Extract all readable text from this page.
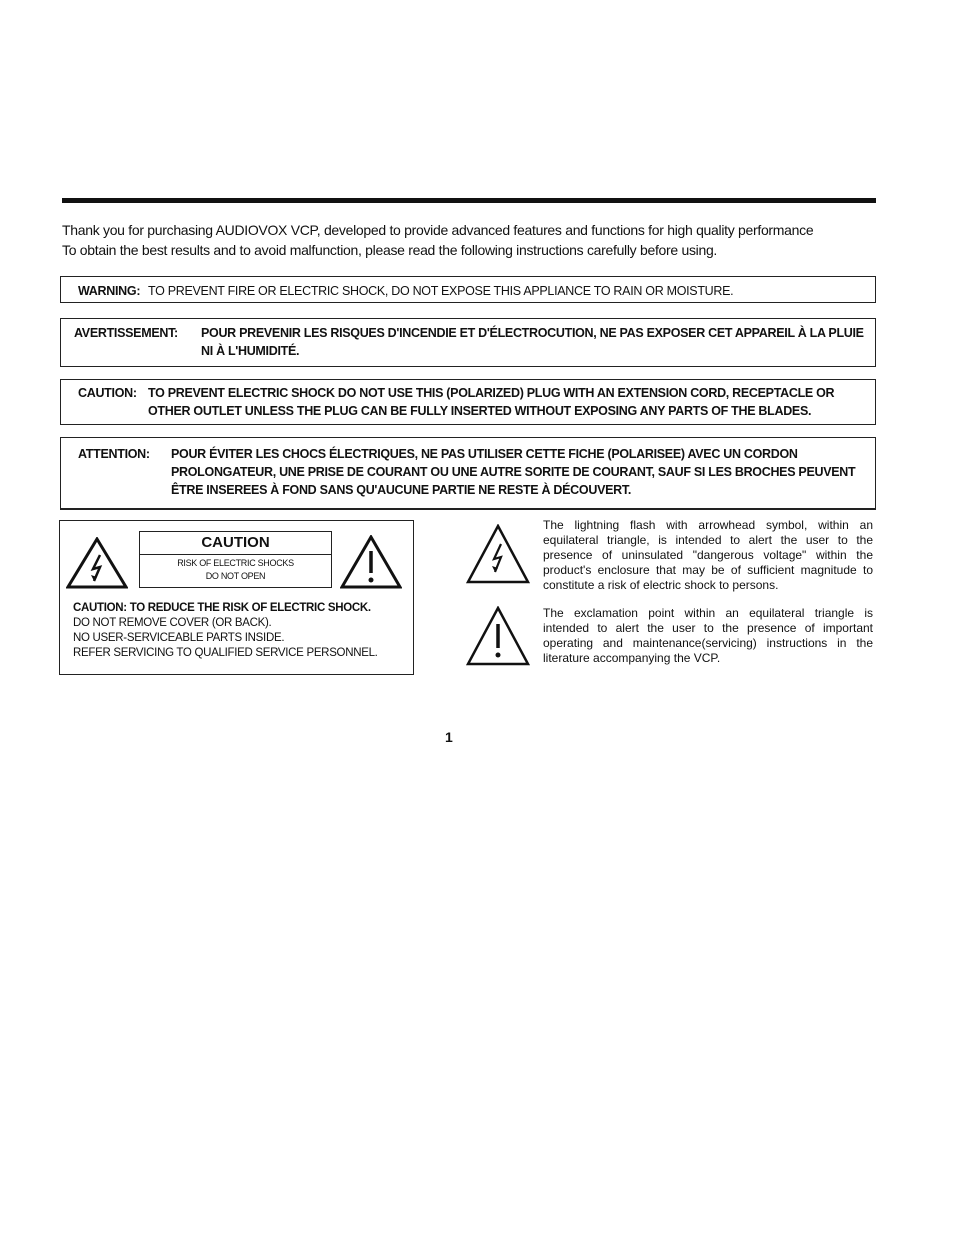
Thank you for purchasing AUDIOVOX VCP, developed to provide advanced features and functions for high quality performance
To obtain the best results and to avoid malfunction, please read the following instructions carefully before using.
WARNING: TO PREVENT FIRE OR ELECTRIC SHOCK, DO NOT EXPOSE THIS APPLIANCE TO RAIN OR MOISTURE.
AVERTISSEMENT: POUR PREVENIR LES RISQUES D'INCENDIE ET D'ÉLECTROCUTION, NE PAS EXPOSER CET APPAREIL À LA PLUIE NI À L'HUMIDITÉ.
CAUTION: TO PREVENT ELECTRIC SHOCK DO NOT USE THIS (POLARIZED) PLUG WITH AN EXTENSION CORD, RECEPTACLE OR OTHER OUTLET UNLESS THE PLUG CAN BE FULLY INSERTED WITHOUT EXPOSING ANY PARTS OF THE BLADES.
ATTENTION: POUR ÉVITER LES CHOCS ÉLECTRIQUES, NE PAS UTILISER CETTE FICHE (POLARISEE) AVEC UN CORDON PROLONGATEUR, UNE PRISE DE COURANT OU UNE AUTRE SORITE DE COURANT, SAUF SI LES BROCHES PEUVENT ÊTRE INSEREES À FOND SANS QU'AUCUNE PARTIE NE RESTE À DÉCOUVERT.
CAUTION
RISK OF ELECTRIC SHOCKS
DO NOT OPEN
CAUTION: TO REDUCE THE RISK OF ELECTRIC SHOCK.
DO NOT REMOVE COVER (OR BACK).
NO USER-SERVICEABLE PARTS INSIDE.
REFER SERVICING TO QUALIFIED SERVICE PERSONNEL.
The lightning flash with arrowhead symbol, within an equilateral triangle, is intended to alert the user to the presence of uninsulated "dangerous voltage" within the product's enclosure that may be of sufficient magnitude to constitute a risk of electric shock to persons.
The exclamation point within an equilateral triangle is intended to alert the user to the presence of important operating and maintenance(servicing) instructions in the literature accompanying the VCP.
1
